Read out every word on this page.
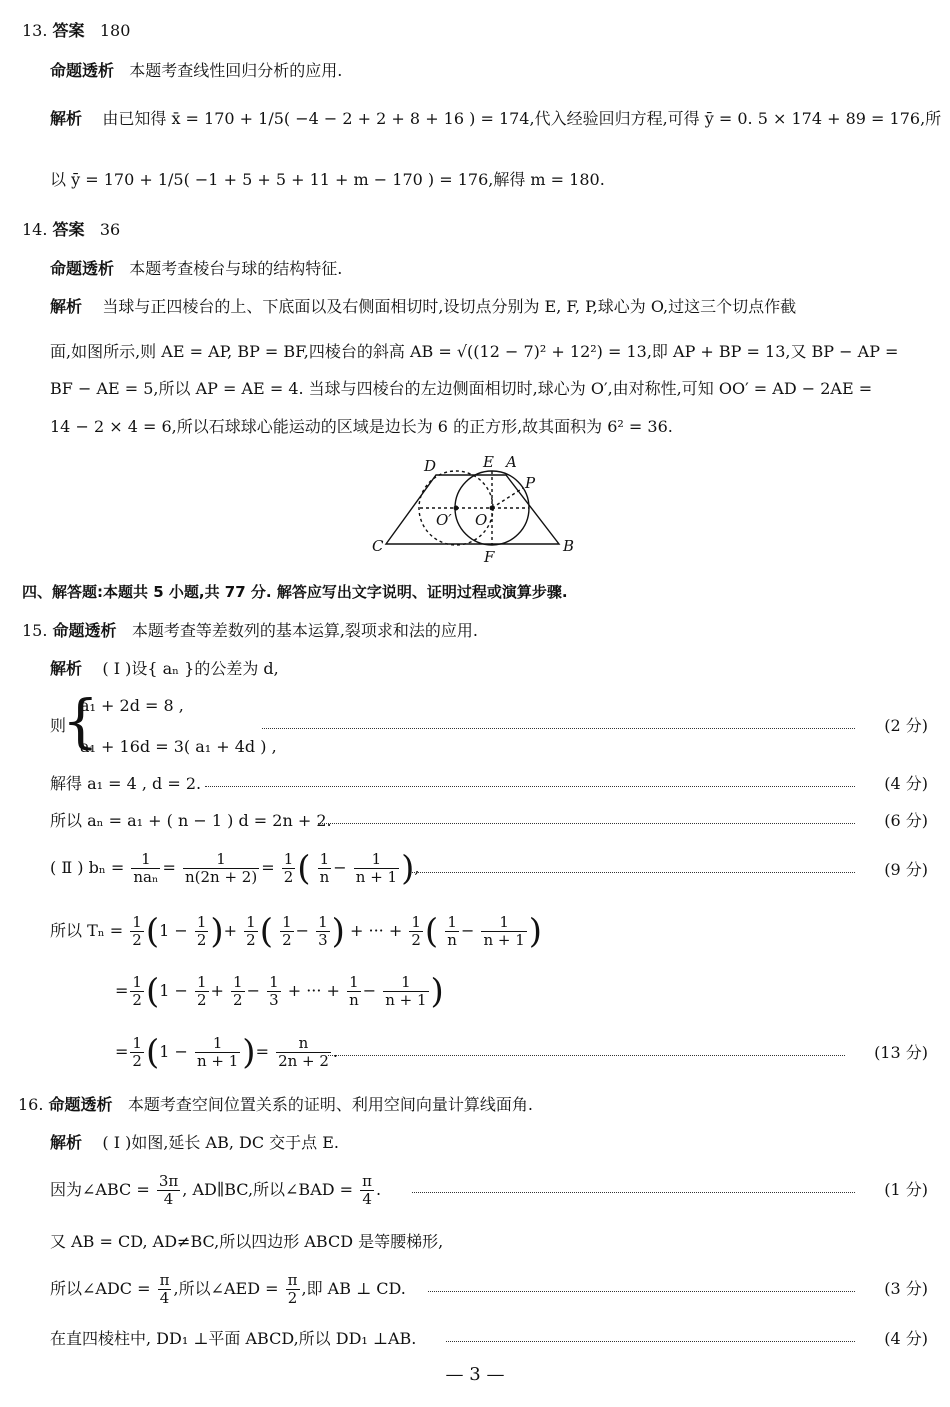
13. 答案 180
命题透析 本题考查线性回归分析的应用.
解析 由已知得 x̄ = 170 + 1/5( −4 − 2 + 2 + 8 + 16 ) = 174,代入经验回归方程,可得 ȳ = 0. 5 × 174 + 89 = 176,所
以 ȳ = 170 + 1/5( −1 + 5 + 5 + 11 + m − 170 ) = 176,解得 m = 180.
14. 答案 36
命题透析 本题考查棱台与球的结构特征.
解析 当球与正四棱台的上、下底面以及右侧面相切时,设切点分别为 E, F, P,球心为 O,过这三个切点作截
面,如图所示,则 AE = AP, BP = BF,四棱台的斜高 AB = √((12 − 7)² + 12²) = 13,即 AP + BP = 13,又 BP − AP =
BF − AE = 5,所以 AP = AE = 4. 当球与四棱台的左边侧面相切时,球心为 O′,由对称性,可知 OO′ = AD − 2AE =
14 − 2 × 4 = 6,所以石球球心能运动的区域是边长为 6 的正方形,故其面积为 6² = 36.
D	E A
P
O′ O
C
F
B
四、解答题:本题共 5 小题,共 77 分. 解答应写出文字说明、证明过程或演算步骤.
15. 命题透析 本题考查等差数列的基本运算,裂项求和法的应用.
解析 ( Ⅰ )设{ aₙ }的公差为 d,
则
{
a₁ + 2d = 8 ,
a₁ + 16d = 3( a₁ + 4d ) ,
(2 分)
解得 a₁ = 4 , d = 2.	(4 分)
所以 aₙ = a₁ + ( n − 1 ) d = 2n + 2.	(6 分)
( Ⅱ ) $b_n = \frac{1}{\text{naₙ}} = \frac{1}{n(2n + 2)} = \frac{1}{2}$ ( $\frac{1}{n} - \frac{1}{n + 1}$ ),	(9 分)
所以 $T_n = \frac{1}{2} (1 - \frac{1}{2}$ )+ $\frac{1}{2}$ ( $\frac{1}{2} - \frac{1}{3}$ ) + ··· + $\frac{1}{2}$ ( $\frac{1}{n} - \frac{1}{n + 1}$ )
= $\frac{1}{2} (1 - \frac{1}{2} + \frac{1}{2} - \frac{1}{3}$ + ··· + $\frac{1}{n} - \frac{1}{n + 1}$ )
= $\frac{1}{2} (1 - \frac{1}{n + 1}$ )= $\frac{n}{2n + 2}$ .	(13 分)
16. 命题透析 本题考查空间位置关系的证明、利用空间向量计算线面角.
解析 ( Ⅰ )如图,延长 AB, DC 交于点 E.
因为∠ABC = $\frac{3\pi}{4}$ , AD∥BC,所以∠BAD = $\frac{\pi}{4}$ .	(1 分)
又 AB = CD, AD≠BC,所以四边形 ABCD 是等腰梯形,
所以∠ADC = $\frac{\pi}{4}$ ,所以∠AED = $\frac{\pi}{2}$ ,即 AB ⊥ CD.	(3 分)
在直四棱柱中, DD₁ ⊥平面 ABCD,所以 DD₁ ⊥AB.	(4 分)
— 3 —
